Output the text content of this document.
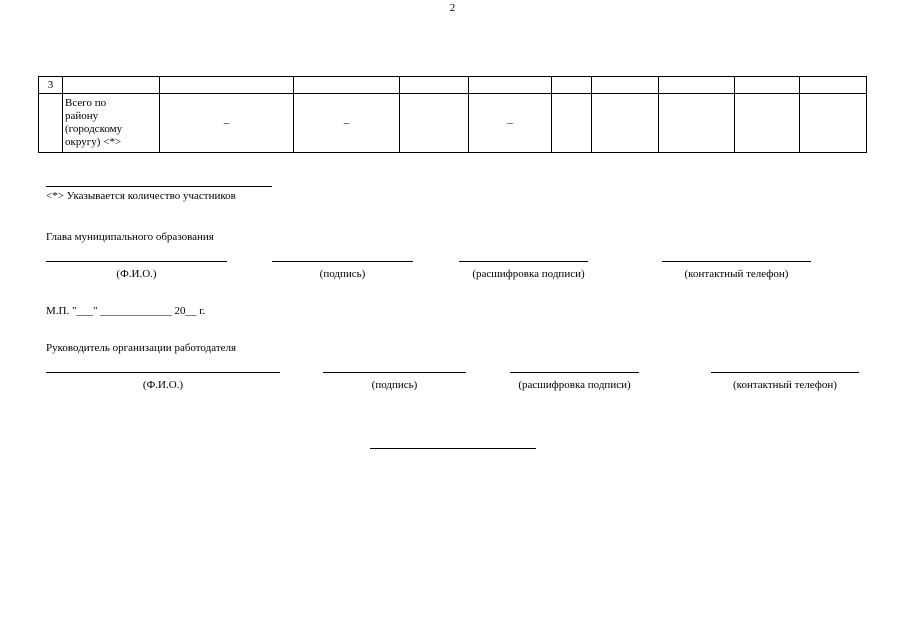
2
3										

	Всего по
району
(городскому
округу) <*>	–	–		–					
<*> Указывается количество участников
Глава муниципального образования
(Ф.И.О.)	(подпись)	(расшифровка подписи)	(контактный телефон)
М.П. "___" _____________ 20__ г.
Руководитель организации работодателя
(Ф.И.О.)	(подпись)	(расшифровка подписи)	(контактный телефон)
